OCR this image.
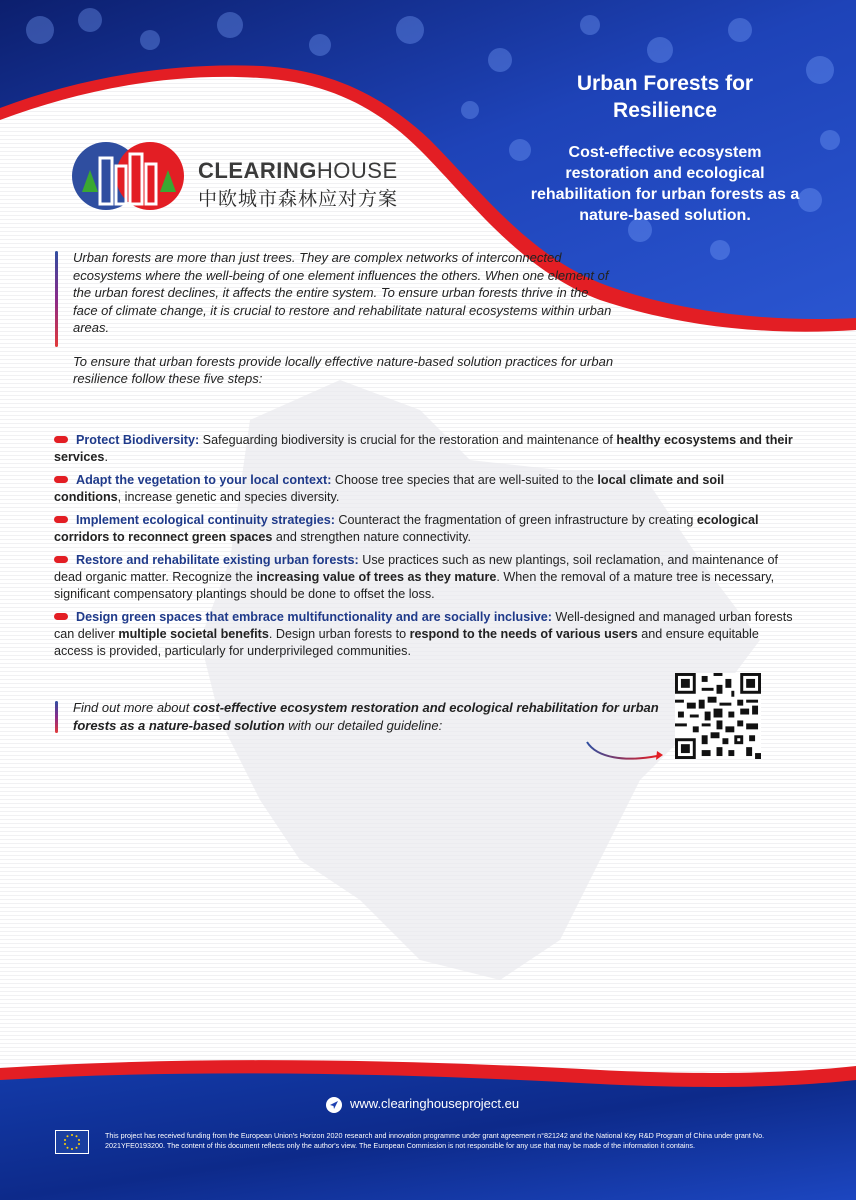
CLEARINGHOUSE
中欧城市森林应对方案
Urban Forests for Resilience
Cost-effective ecosystem restoration and ecological rehabilitation for urban forests as a nature-based solution.

Urban forests are more than just trees. They are complex networks of interconnected ecosystems where the well-being of one element influences the others. When one element of the urban forest declines, it affects the entire system. To ensure urban forests thrive in the face of climate change, it is crucial to restore and rehabilitate natural ecosystems within urban areas.

To ensure that urban forests provide locally effective nature-based solution practices for urban resilience follow these five steps:

Protect Biodiversity: Safeguarding biodiversity is crucial for the restoration and maintenance of healthy ecosystems and their services.
Adapt the vegetation to your local context: Choose tree species that are well-suited to the local climate and soil conditions, increase genetic and species diversity.
Implement ecological continuity strategies: Counteract the fragmentation of green infrastructure by creating ecological corridors to reconnect green spaces and strengthen nature connectivity.
Restore and rehabilitate existing urban forests: Use practices such as new plantings, soil reclamation, and maintenance of dead organic matter. Recognize the increasing value of trees as they mature. When the removal of a mature tree is necessary, significant compensatory plantings should be done to offset the loss.
Design green spaces that embrace multifunctionality and are socially inclusive: Well-designed and managed urban forests can deliver multiple societal benefits. Design urban forests to respond to the needs of various users and ensure equitable access is provided, particularly for underprivileged communities.

Find out more about cost-effective ecosystem restoration and ecological rehabilitation for urban forests as a nature-based solution with our detailed guideline:

www.clearinghouseproject.eu
This project has received funding from the European Union's Horizon 2020 research and innovation programme under grant agreement n°821242 and the National Key R&D Program of China under grant No. 2021YFE0193200. The content of this document reflects only the author's view. The European Commission is not responsible for any use that may be made of the information it contains.
